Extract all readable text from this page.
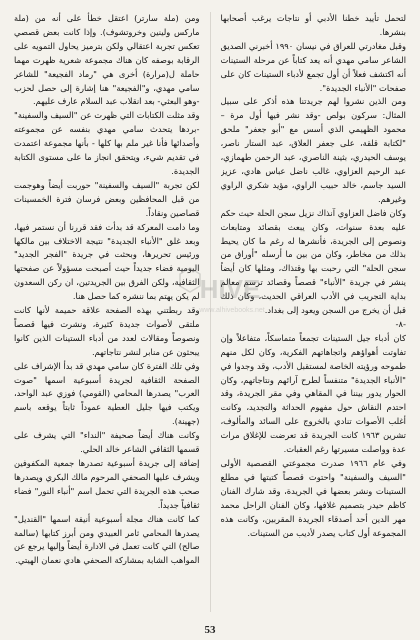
لتحمل تأييد خطنا الأدبي أو نتاجات يرغب أصحابها بنشرها.

وقبل مغادرتي للعراق في نيسان ١٩٩٠ أخبرني الصديق الشاعر سامي مهدي أنه يعد كتاباً عن مرحلة الستينات أنه اكتشف فعلاً أن أول تجمع لأدباء الستينات كان على صفحات "الأنباء الجديدة".

ومن الذين نشروا لهم جريدتنا هذه أذكر على سبيل المثال: سركون بولص -وقد نشر فيها أول مرة – محمود الظهيمي الذي أسس مع "أبو جعفر" ملحق "لكتابة قلقة، على جعفر العلاق، عبد الستار ناصر، يوسف الحيدري، بثينة الناصري، عبد الرحمن طهمازي، عبد الرحيم العزاوي، غالب ناضل عباس هادي، عزيز السيد جاسم، خالد حبيب الراوي، مؤيد شكري الراوي وغيرهم.

وكان فاضل العزاوي آنذاك نزيل سجن الحلة حيث حكم عليه بعدة سنوات، وكان يبعث بقصائد ومتابعات ونصوص إلى الجريدة، فأنشرها له رغم ما كان يحيط بذلك من مخاطر، وكان من بين ما أرسله "أوراق من سجن الحلة" التي رحبت بها وقتذاك، ومثلها كان أيضاً ينشر في جريدة "الأنباء" قصصاً وقصائد ترسم معالم بداية التجريب في الأدب العراقي الحديث، وكان ذلك قبل أن يخرج من السجن ويعود إلى بغداد.

-٨-

كان أدباء جيل الستينات تجمعاً متماسكاً، متفاعلاً وإن تفاوتت أهواؤهم واتجاهاتهم الفكرية، وكان لكل منهم طموحه ورؤيته الخاصة لمستقبل الأدب، وقد وجدوا في "الأنباء الجديدة" متنفساً لطرح آرائهم ونتاجاتهم، وكان الحوار يدور بيننا في المقاهي وفي مقر الجريدة، وقد احتدم النقاش حول مفهوم الحداثة والتجديد، وكانت أغلب الأصوات تنادي بالخروج على السائد والمألوف، تشرين ١٩٦٣ كانت الجريدة قد تعرضت للإغلاق مرات عدة وواصلت مسيرتها رغم العقبات.

وفي عام ١٩٦٦ صدرت مجموعتي القصصية الأولى "السيف والسفينة" واحتوت قصصاً كتبتها في مطلع الستينات ونشر بعضها في الجريدة، وقد شارك الفنان كاظم حيدر بتصميم غلافها، وكان الفنان الراحل محمد مهر الدين أحد أصدقاء الجريدة المقربين، وكانت هذه المجموعة أول كتاب يصدر لأديب من الستينات.

ومن (ملة سارتر) اعتقل خطأ على أنه من (ملة ماركس ولينين وخروتشوف). وإذا كانت بعض قصصي تعكس تجربة اعتقالي ولكن بترميز يحاول التمويه على الرقابة بوصفه كان هناك مجموعة شعرية ظهرت مهما حاملة ل(مرارة) أخرى هي "رماد الفجيعة" للشاعر سامي مهدي، و"الفجيعة" هنا إشارة إلى حصل لحزب -وهو البعثي- بعد انقلاب عبد السلام عارف عليهم.

وقد مثلت الكتابات التي ظهرت عن "السيف والسفينة" -بردها يتحدث سامي مهدي بنفسه عن مجموعته وأصدائها فأنا غير ملم بها كلها - بأنها مجموعة اعتمدت في تقديم شيء، ويتحقق انجاز ما على مستوى الكتابة الجديدة.

لكن تجربة "السيف والسفينة" حوربت أيضاً وهوجمت من قبل المحافظين وبعض فرسان فترة الخمسينات قصاصين ونقاداً.

وما دامت المعركة قد بدأت فقد قررنا أن نستمر فيها، وبعد غلق "الأنباء الجديدة" نتيجة الاختلاف بين مالكها ورئيس تحريرها، وبحثت في جريدة "الفجر الجديد" اليومية فضاء جديداً حيث أصبحت مسؤولاً عن صفحتها الثقافية، ولكن الفرق بين الجريدتين، ان ركن السعدون لم يكن يهتم بما ننشره كما حصل هنا.

وقد ربطتني بهذه الصفحة علاقة حميمة لأنها كانت ملتقى لأصوات جديدة كثيرة، ونشرت فيها قصصاً ونصوصاً ومقالات لعدد من أدباء الستينات الذين كانوا يبحثون عن منابر لنشر نتاجاتهم.

وفي تلك الفترة كان سامي مهدي قد بدأ الإشراف على الصفحة الثقافية لجريدة أسبوعية اسمها "صوت العرب" يصدرها المحامي (القومي) فوزي عبد الواحد، ويكتب فيها جليل العطية عموداً ثابتاً يوقعه باسم (جهينة).

وكانت هناك أيضاً صحيفة "النداء" التي يشرف على قسمها الثقافي الشاعر خالد الحلي.

إضافة إلى جريدة أسبوعية تصدرها جمعية المكفوفين ويشرف عليها الصحفي المرحوم مالك البكري ويصدرها صحب هذه الجريدة التي تحمل اسم "أنباء النور" فضاء ثقافياً جديداً.

كما كانت هناك مجلة أسبوعية أنيقة اسمها "القنديل" يصدرها المحامي ثامر العبيدي ومن أبرز كتابها (سالمة صالح) التي كانت تعمل في الادارة أيضاً وإليها يرجع عن المواهب الشابة بمشاركة الصحفي هادي نعمان الهيتي.

HIVE
www.alhivebooks.net
53
